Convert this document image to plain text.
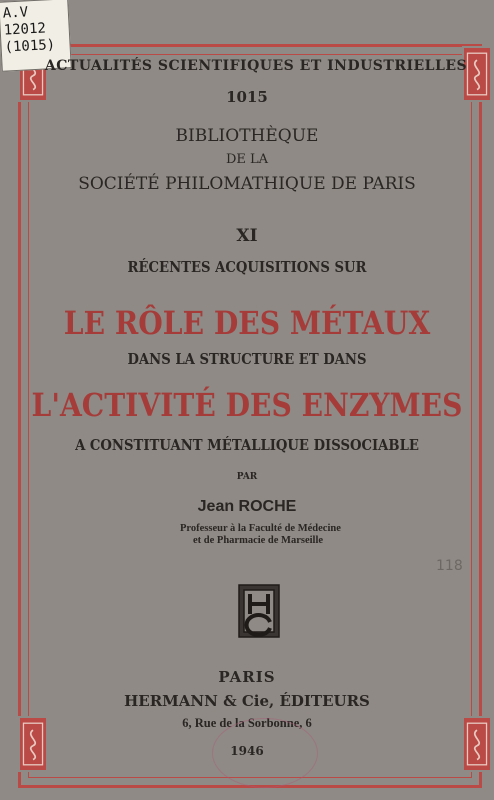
A.V
12012
(1015)
ACTUALITÉS SCIENTIFIQUES ET INDUSTRIELLES
1015
BIBLIOTHÈQUE
DE LA
SOCIÉTÉ PHILOMATHIQUE DE PARIS
XI
RÉCENTES ACQUISITIONS SUR
LE RÔLE DES MÉTAUX
DANS LA STRUCTURE ET DANS
L'ACTIVITÉ DES ENZYMES
A CONSTITUANT MÉTALLIQUE DISSOCIABLE
PAR
Jean ROCHE
Professeur à la Faculté de Médecine
et de Pharmacie de Marseille
118
PARIS
HERMANN & Cie, ÉDITEURS
6, Rue de la Sorbonne, 6
1946
